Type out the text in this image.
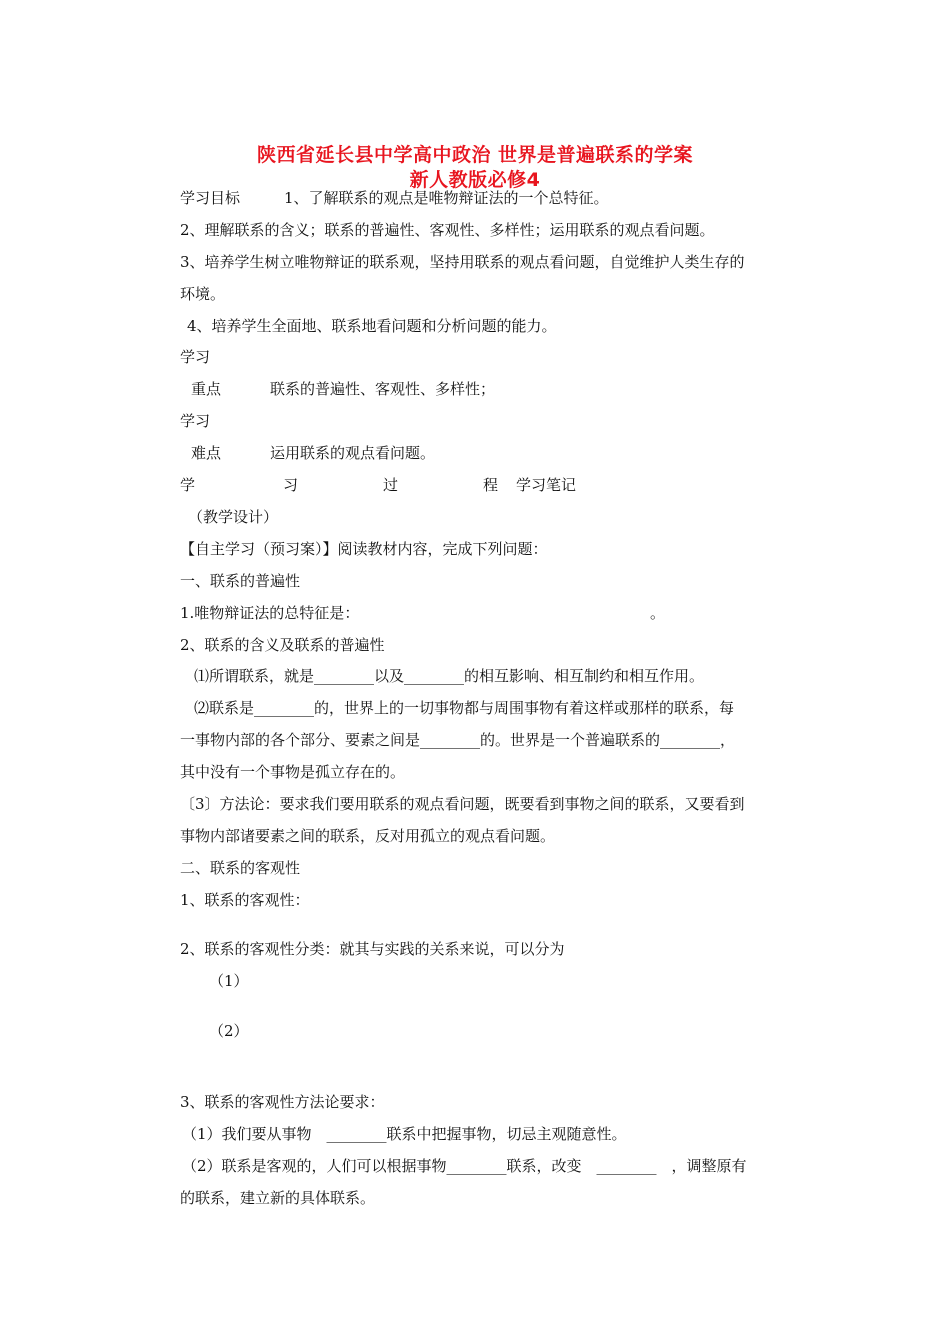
陕西省延长县中学高中政治 世界是普遍联系的学案
新人教版必修4
学习目标	1、了解联系的观点是唯物辩证法的一个总特征。
2、理解联系的含义；联系的普遍性、客观性、多样性；运用联系的观点看问题。
3、培养学生树立唯物辩证的联系观，坚持用联系的观点看问题，自觉维护人类生存的
环境。
4、培养学生全面地、联系地看问题和分析问题的能力。
学习
重点	联系的普遍性、客观性、多样性；
学习
难点	运用联系的观点看问题。
学	习	过	程 学习笔记
（教学设计）
【自主学习（预习案）】阅读教材内容，完成下列问题：
一、联系的普遍性
1.唯物辩证法的总特征是：	。
2、联系的含义及联系的普遍性
⑴所谓联系，就是________以及________的相互影响、相互制约和相互作用。
⑵联系是________的，世界上的一切事物都与周围事物有着这样或那样的联系，每
一事物内部的各个部分、要素之间是________的。世界是一个普遍联系的________，
其中没有一个事物是孤立存在的。
〔3〕方法论：要求我们要用联系的观点看问题，既要看到事物之间的联系，又要看到
事物内部诸要素之间的联系，反对用孤立的观点看问题。
二、联系的客观性
1、联系的客观性：
2、联系的客观性分类：就其与实践的关系来说，可以分为
（1）
（2）
3、联系的客观性方法论要求：
（1）我们要从事物　________联系中把握事物，切忌主观随意性。
（2）联系是客观的，人们可以根据事物________联系，改变　________　，调整原有
的联系，建立新的具体联系。
